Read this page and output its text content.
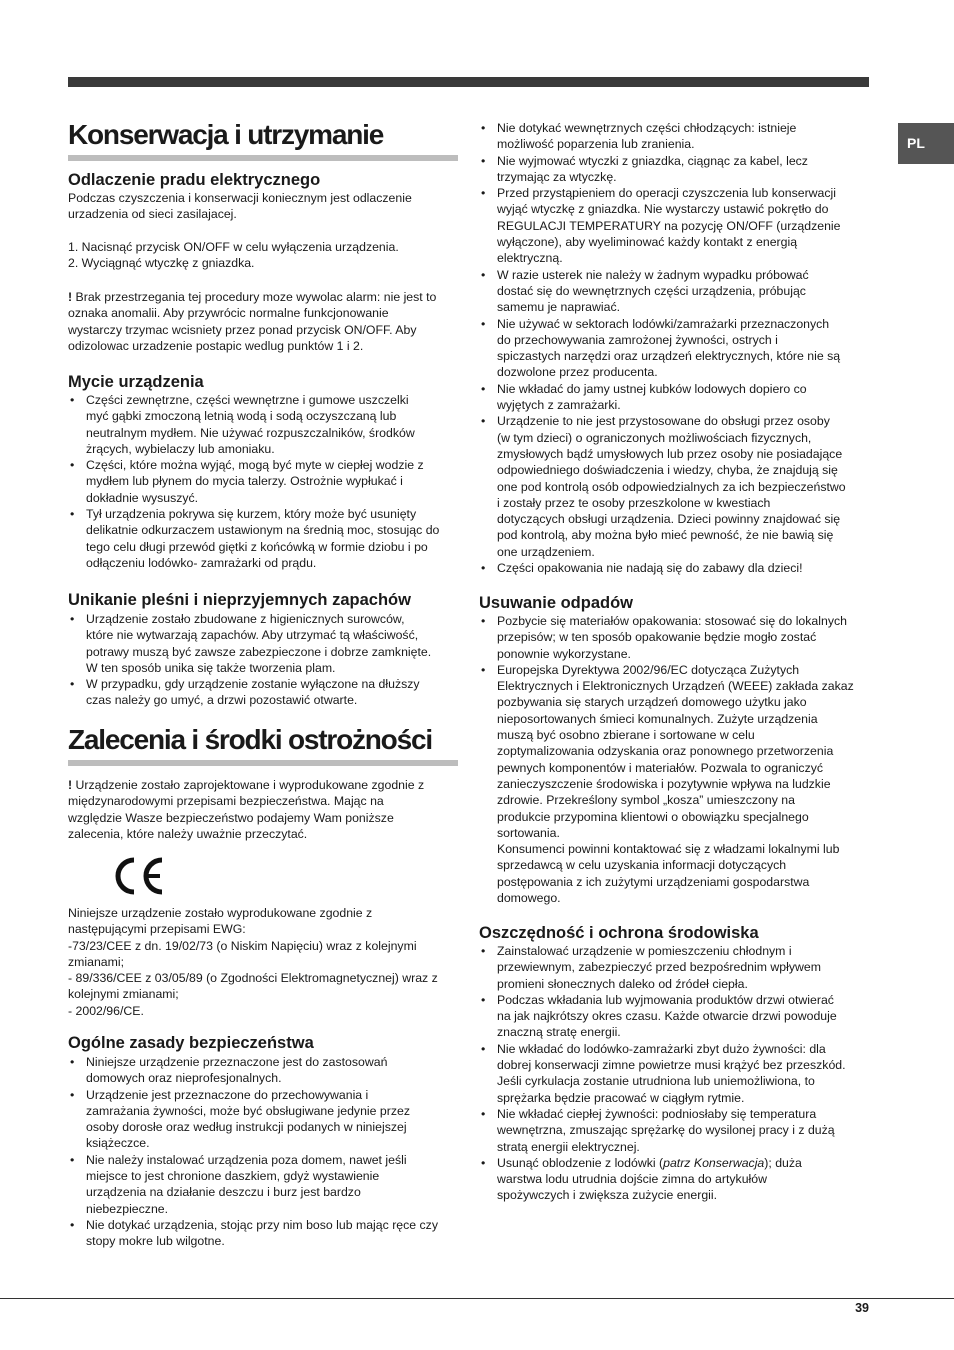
PL
Konserwacja i utrzymanie
Odlaczenie pradu elektrycznego
Podczas czyszczenia i konserwacji koniecznym jest odlaczenie
urzadzenia od sieci zasilajacej.
1. Nacisnąć przycisk ON/OFF w celu wyłączenia urządzenia.
2. Wyciągnąć wtyczkę z gniazdka.
! Brak przestrzegania tej procedury moze wywolac alarm: nie jest to
oznaka anomalii. Aby przywrócic normalne funkcjonowanie
wystarczy trzymac wcisniety przez ponad przycisk ON/OFF. Aby
odizolowac urzadzenie postapic wedlug punktów 1 i 2.
Mycie urządzenia
• Części zewnętrzne, części wewnętrzne i gumowe uszczelki
myć gąbki zmoczoną letnią wodą i sodą oczyszczaną lub
neutralnym mydłem. Nie używać rozpuszczalników, środków
żrących, wybielaczy lub amoniaku.
• Części, które można wyjąć, mogą być myte w ciepłej wodzie z
mydłem lub płynem do mycia talerzy. Ostrożnie wypłukać i
dokładnie wysuszyć.
• Tył urządzenia pokrywa się kurzem, który może być usunięty
delikatnie odkurzaczem ustawionym na średnią moc, stosując do
tego celu długi przewód giętki z końcówką w formie dziobu i po
odłączeniu lodówko- zamrażarki od prądu.
Unikanie pleśni i nieprzyjemnych zapachów
• Urządzenie zostało zbudowane z higienicznych surowców,
które nie wytwarzają zapachów. Aby utrzymać tą właściwość,
potrawy muszą być zawsze zabezpieczone i dobrze zamknięte.
W ten sposób unika się także tworzenia plam.
• W przypadku, gdy urządzenie zostanie wyłączone na dłuższy
czas należy go umyć, a drzwi pozostawić otwarte.
Zalecenia i środki ostrożności
! Urządzenie zostało zaprojektowane i wyprodukowane zgodnie z
międzynarodowymi przepisami bezpieczeństwa. Mając na
względzie Wasze bezpieczeństwo podajemy Wam poniższe
zalecenia, które należy uważnie przeczytać.
Niniejsze urządzenie zostało wyprodukowane zgodnie z
następującymi przepisami EWG:
-73/23/CEE z dn. 19/02/73 (o Niskim Napięciu) wraz z kolejnymi
zmianami;
- 89/336/CEE z 03/05/89 (o Zgodności Elektromagnetycznej) wraz z
kolejnymi zmianami;
- 2002/96/CE.
Ogólne zasady bezpieczeństwa
• Niniejsze urządzenie przeznaczone jest do zastosowań
domowych oraz nieprofesjonalnych.
• Urządzenie jest przeznaczone do przechowywania i
zamrażania żywności, może być obsługiwane jedynie przez
osoby dorosłe oraz według instrukcji podanych w niniejszej
książeczce.
• Nie należy instalować urządzenia poza domem, nawet jeśli
miejsce to jest chronione daszkiem, gdyż wystawienie
urządzenia na działanie deszczu i burz jest bardzo
niebezpieczne.
• Nie dotykać urządzenia, stojąc przy nim boso lub mając ręce czy
stopy mokre lub wilgotne.
• Nie dotykać wewnętrznych części chłodzących: istnieje
możliwość poparzenia lub zranienia.
• Nie wyjmować wtyczki z gniazdka, ciągnąc za kabel, lecz
trzymając za wtyczkę.
• Przed przystąpieniem do operacji czyszczenia lub konserwacji
wyjąć wtyczkę z gniazdka. Nie wystarczy ustawić pokrętło do
REGULACJI TEMPERATURY na pozycję ON/OFF (urządzenie
wyłączone), aby wyeliminować każdy kontakt z energią
elektryczną.
• W razie usterek nie należy w żadnym wypadku próbować
dostać się do wewnętrznych części urządzenia, próbując
samemu je naprawiać.
• Nie używać w sektorach lodówki/zamrażarki przeznaczonych
do przechowywania zamrożonej żywności, ostrych i
spiczastych narzędzi oraz urządzeń elektrycznych, które nie są
dozwolone przez producenta.
• Nie wkładać do jamy ustnej kubków lodowych dopiero co
wyjętych z zamrażarki.
• Urządzenie to nie jest przystosowane do obsługi przez osoby
(w tym dzieci) o ograniczonych możliwościach fizycznych,
zmysłowych bądź umysłowych lub przez osoby nie posiadające
odpowiedniego doświadczenia i wiedzy, chyba, że znajdują się
one pod kontrolą osób odpowiedzialnych za ich bezpieczeństwo
i zostały przez te osoby przeszkolone w kwestiach
dotyczących obsługi urządzenia. Dzieci powinny znajdować się
pod kontrolą, aby można było mieć pewność, że nie bawią się
one urządzeniem.
• Części opakowania nie nadają się do zabawy dla dzieci!
Usuwanie odpadów
• Pozbycie się materiałów opakowania: stosować się do lokalnych
przepisów; w ten sposób opakowanie będzie mogło zostać
ponownie wykorzystane.
• Europejska Dyrektywa 2002/96/EC dotycząca Zużytych
Elektrycznych i Elektronicznych Urządzeń (WEEE) zakłada zakaz
pozbywania się starych urządzeń domowego użytku jako
nieposortowanych śmieci komunalnych. Zużyte urządzenia
muszą być osobno zbierane i sortowane w celu
zoptymalizowania odzyskania oraz ponownego przetworzenia
pewnych komponentów i materiałów. Pozwala to ograniczyć
zanieczyszczenie środowiska i pozytywnie wpływa na ludzkie
zdrowie. Przekreślony symbol „kosza” umieszczony na
produkcie przypomina klientowi o obowiązku specjalnego
sortowania.
Konsumenci powinni kontaktować się z władzami lokalnymi lub
sprzedawcą w celu uzyskania informacji dotyczących
postępowania z ich zużytymi urządzeniami gospodarstwa
domowego.
Oszczędność i ochrona środowiska
• Zainstalować urządzenie w pomieszczeniu chłodnym i
przewiewnym, zabezpieczyć przed bezpośrednim wpływem
promieni słonecznych daleko od źródeł ciepła.
• Podczas wkładania lub wyjmowania produktów drzwi otwierać
na jak najkrótszy okres czasu. Każde otwarcie drzwi powoduje
znaczną stratę energii.
• Nie wkładać do lodówko-zamrażarki zbyt dużo żywności: dla
dobrej konserwacji zimne powietrze musi krążyć bez przeszkód.
Jeśli cyrkulacja zostanie utrudniona lub uniemożliwiona, to
sprężarka będzie pracować w ciągłym rytmie.
• Nie wkładać ciepłej żywności: podniosłaby się temperatura
wewnętrzna, zmuszając sprężarkę do wysilonej pracy i z dużą
stratą energii elektrycznej.
• Usunąć oblodzenie z lodówki (patrz Konserwacja); duża
warstwa lodu utrudnia dojście zimna do artykułów
spożywczych i zwiększa zużycie energii.
39
